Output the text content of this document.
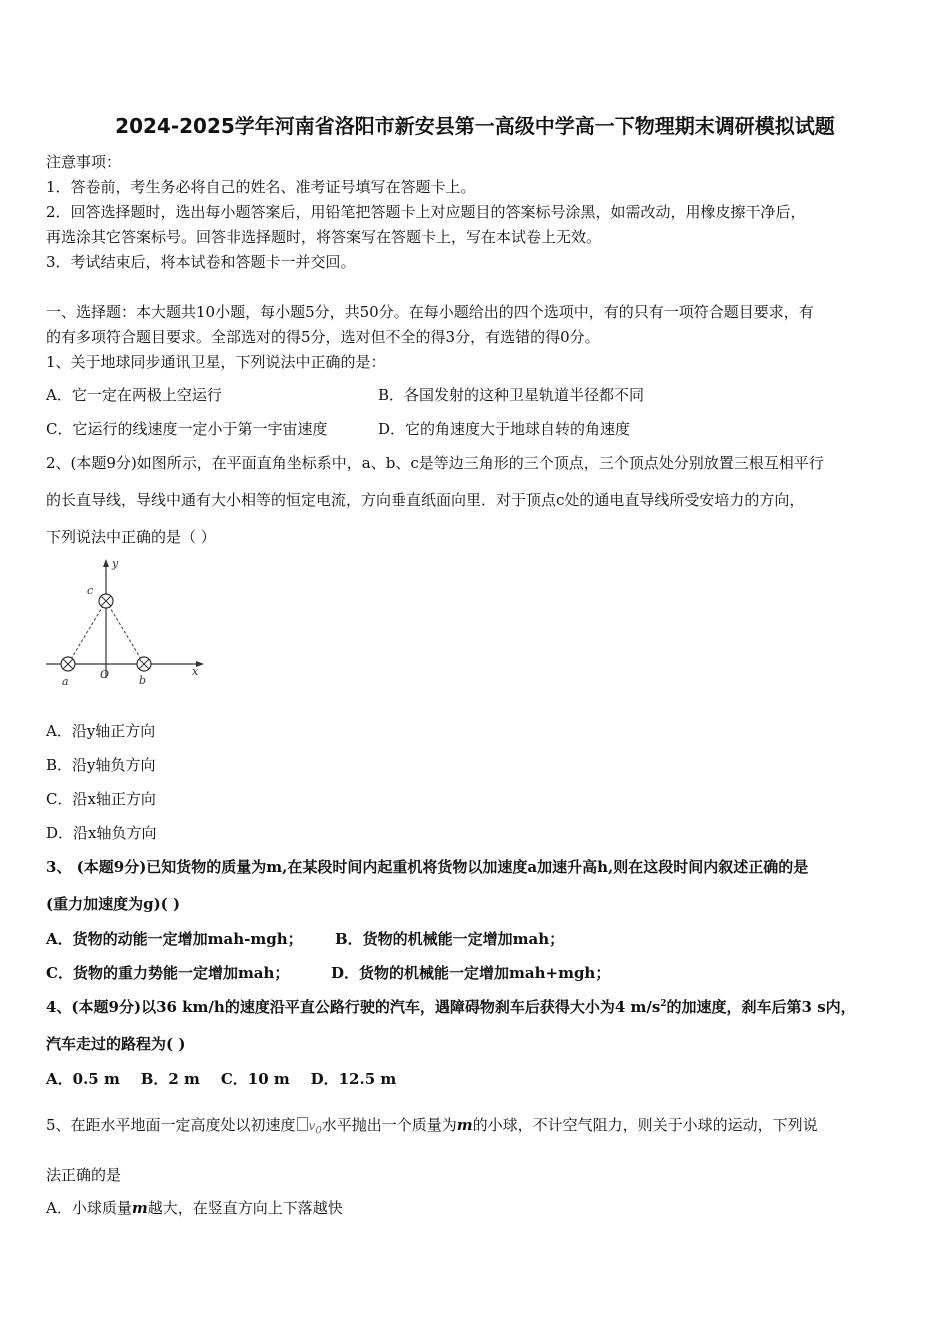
2024-2025学年河南省洛阳市新安县第一高级中学高一下物理期末调研模拟试题
注意事项：
1．答卷前，考生务必将自己的姓名、准考证号填写在答题卡上。
2．回答选择题时，选出每小题答案后，用铅笔把答题卡上对应题目的答案标号涂黑，如需改动，用橡皮擦干净后，
再选涂其它答案标号。回答非选择题时，将答案写在答题卡上，写在本试卷上无效。
3．考试结束后，将本试卷和答题卡一并交回。
一、选择题：本大题共10小题，每小题5分，共50分。在每小题给出的四个选项中，有的只有一项符合题目要求，有
的有多项符合题目要求。全部选对的得5分，选对但不全的得3分，有选错的得0分。
1、关于地球同步通讯卫星，下列说法中正确的是：
A．它一定在两极上空运行	B．各国发射的这种卫星轨道半径都不同
C．它运行的线速度一定小于第一宇宙速度	D．它的角速度大于地球自转的角速度
2、(本题9分)如图所示，在平面直角坐标系中，a、b、c是等边三角形的三个顶点，三个顶点处分别放置三根互相平行
的长直导线，导线中通有大小相等的恒定电流，方向垂直纸面向里．对于顶点c处的通电直导线所受安培力的方向，
下列说法中正确的是（ ）
y
x
c
a
O	b
A．沿y轴正方向
B．沿y轴负方向
C．沿x轴正方向
D．沿x轴负方向
3、 (本题9分)已知货物的质量为m,在某段时间内起重机将货物以加速度a加速升高h,则在这段时间内叙述正确的是
(重力加速度为g)( )
A．货物的动能一定增加mah-mgh； B．货物的机械能一定增加mah；
C．货物的重力势能一定增加mah；	D．货物的机械能一定增加mah+mgh；
4、(本题9分)以36 km/h的速度沿平直公路行驶的汽车，遇障碍物刹车后获得大小为4 $m/s^2$的加速度，刹车后第3 s内，
汽车走过的路程为( )
A．0.5 m    B．2 m    C．10 m    D．12.5 m
5、在距水平地面一定高度处以初速度 $v_0$水平抛出一个质量为m的小球，不计空气阻力，则关于小球的运动，下列说
法正确的是
A．小球质量m越大，在竖直方向上下落越快
